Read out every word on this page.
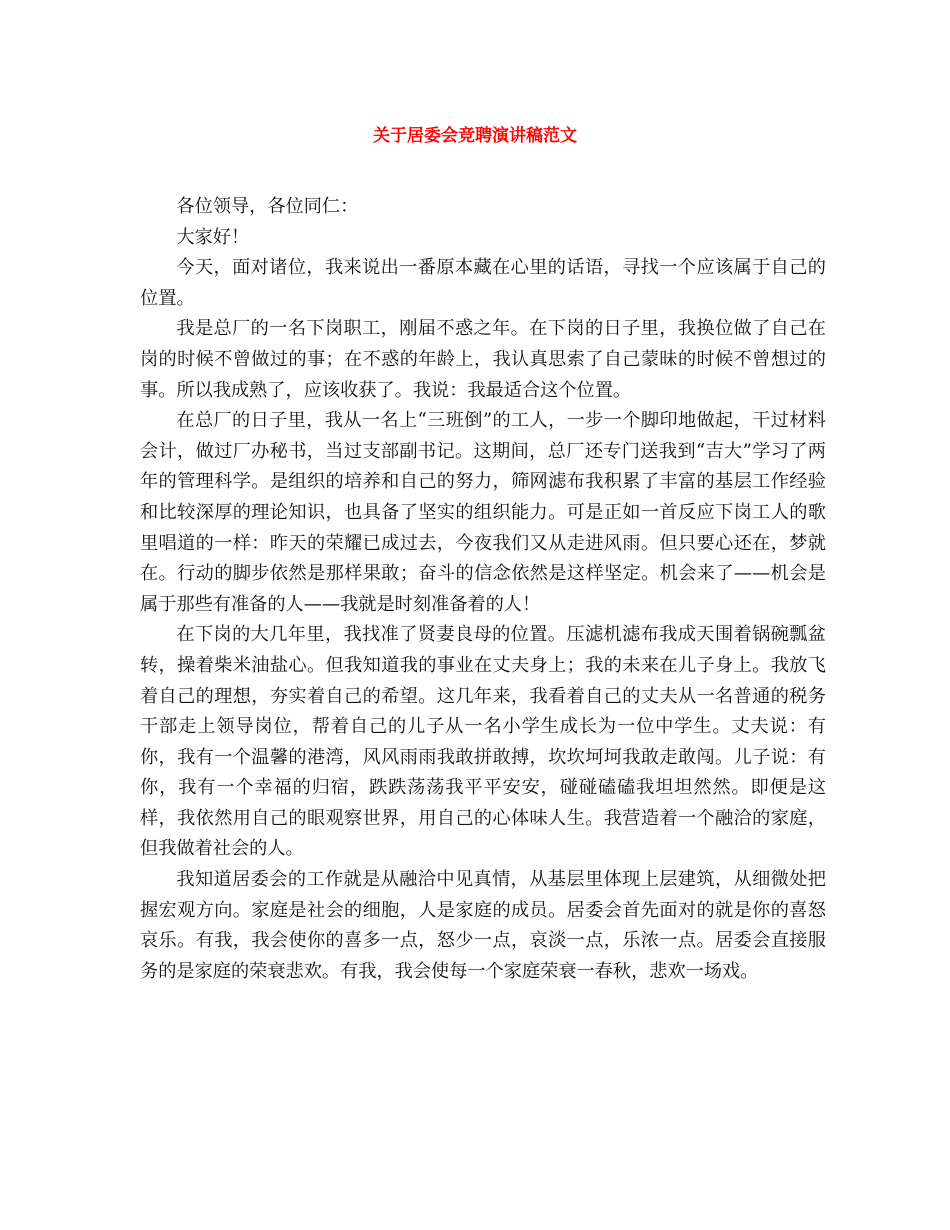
关于居委会竞聘演讲稿范文

各位领导，各位同仁：

大家好！

今天，面对诸位，我来说出一番原本藏在心里的话语，寻找一个应该属于自己的位置。

我是总厂的一名下岗职工，刚届不惑之年。在下岗的日子里，我换位做了自己在岗的时候不曾做过的事；在不惑的年龄上，我认真思索了自己蒙昧的时候不曾想过的事。所以我成熟了，应该收获了。我说：我最适合这个位置。

在总厂的日子里，我从一名上“三班倒”的工人，一步一个脚印地做起，干过材料会计，做过厂办秘书，当过支部副书记。这期间，总厂还专门送我到“吉大”学习了两年的管理科学。是组织的培养和自己的努力，筛网滤布我积累了丰富的基层工作经验和比较深厚的理论知识，也具备了坚实的组织能力。可是正如一首反应下岗工人的歌里唱道的一样：昨天的荣耀已成过去，今夜我们又从走进风雨。但只要心还在，梦就在。行动的脚步依然是那样果敢；奋斗的信念依然是这样坚定。机会来了——机会是属于那些有准备的人——我就是时刻准备着的人！

在下岗的大几年里，我找准了贤妻良母的位置。压滤机滤布我成天围着锅碗瓢盆转，操着柴米油盐心。但我知道我的事业在丈夫身上；我的未来在儿子身上。我放飞着自己的理想，夯实着自己的希望。这几年来，我看着自己的丈夫从一名普通的税务干部走上领导岗位，帮着自己的儿子从一名小学生成长为一位中学生。丈夫说：有你，我有一个温馨的港湾，风风雨雨我敢拼敢搏，坎坎坷坷我敢走敢闯。儿子说：有你，我有一个幸福的归宿，跌跌荡荡我平平安安，碰碰磕磕我坦坦然然。即便是这样，我依然用自己的眼观察世界，用自己的心体味人生。我营造着一个融洽的家庭，但我做着社会的人。

我知道居委会的工作就是从融洽中见真情，从基层里体现上层建筑，从细微处把握宏观方向。家庭是社会的细胞，人是家庭的成员。居委会首先面对的就是你的喜怒哀乐。有我，我会使你的喜多一点，怒少一点，哀淡一点，乐浓一点。居委会直接服务的是家庭的荣衰悲欢。有我，我会使每一个家庭荣衰一春秋，悲欢一场戏。
